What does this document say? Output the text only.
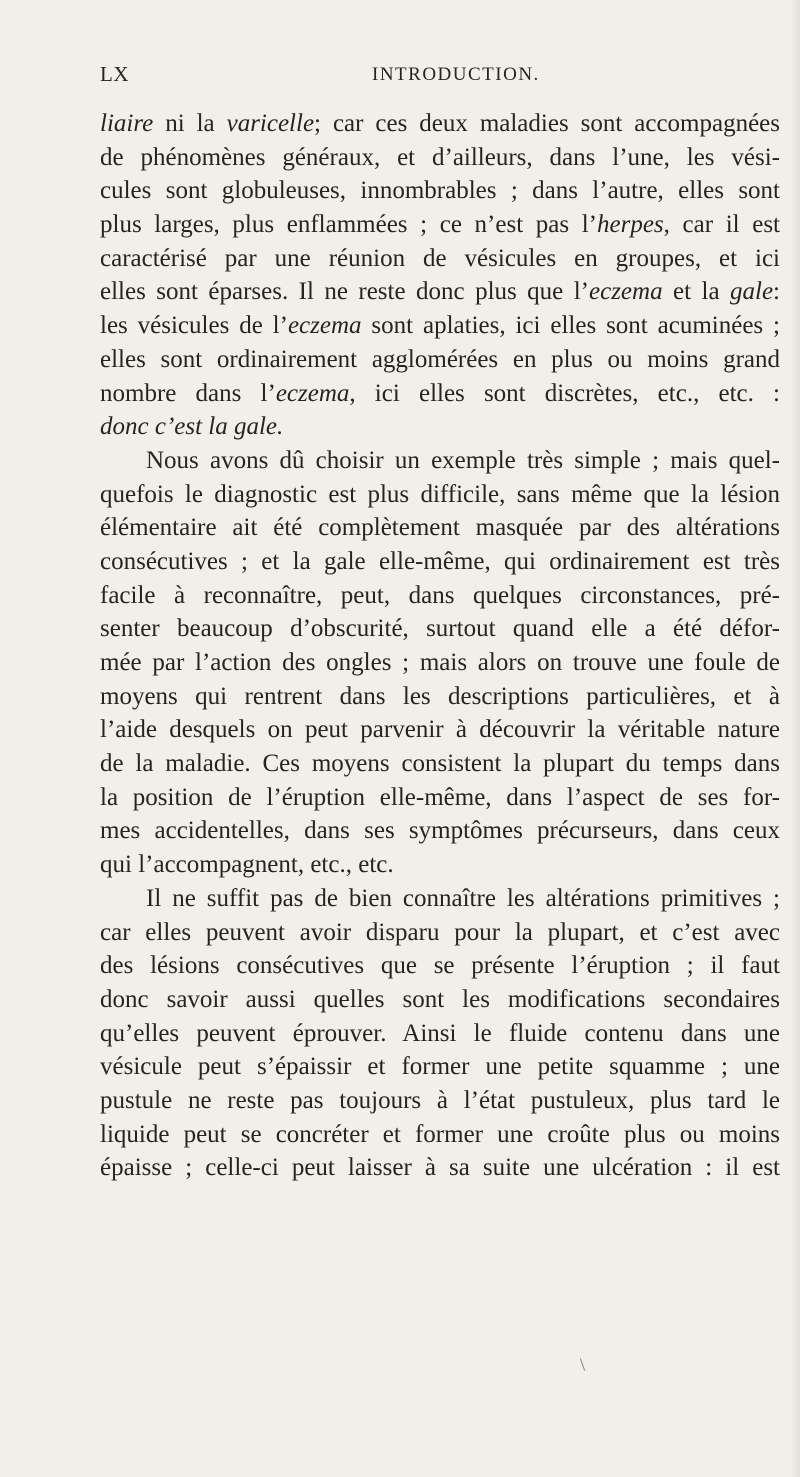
LX	INTRODUCTION.
liaire ni la varicelle; car ces deux maladies sont accompagnées
de phénomènes généraux, et d’ailleurs, dans l’une, les vési-
cules sont globuleuses, innombrables ; dans l’autre, elles sont
plus larges, plus enflammées ; ce n’est pas l’herpes, car il est
caractérisé par une réunion de vésicules en groupes, et ici
elles sont éparses. Il ne reste donc plus que l’eczema et la gale:
les vésicules de l’eczema sont aplaties, ici elles sont acuminées ;
elles sont ordinairement agglomérées en plus ou moins grand
nombre dans l’eczema, ici elles sont discrètes, etc., etc. :
donc c’est la gale.
Nous avons dû choisir un exemple très simple ; mais quel-
quefois le diagnostic est plus difficile, sans même que la lésion
élémentaire ait été complètement masquée par des altérations
consécutives ; et la gale elle-même, qui ordinairement est très
facile à reconnaître, peut, dans quelques circonstances, pré-
senter beaucoup d’obscurité, surtout quand elle a été défor-
mée par l’action des ongles ; mais alors on trouve une foule de
moyens qui rentrent dans les descriptions particulières, et à
l’aide desquels on peut parvenir à découvrir la véritable nature
de la maladie. Ces moyens consistent la plupart du temps dans
la position de l’éruption elle-même, dans l’aspect de ses for-
mes accidentelles, dans ses symptômes précurseurs, dans ceux
qui l’accompagnent, etc., etc.
Il ne suffit pas de bien connaître les altérations primitives ;
car elles peuvent avoir disparu pour la plupart, et c’est avec
des lésions consécutives que se présente l’éruption ; il faut
donc savoir aussi quelles sont les modifications secondaires
qu’elles peuvent éprouver. Ainsi le fluide contenu dans une
vésicule peut s’épaissir et former une petite squamme ; une
pustule ne reste pas toujours à l’état pustuleux, plus tard le
liquide peut se concréter et former une croûte plus ou moins
épaisse ; celle-ci peut laisser à sa suite une ulcération : il est
